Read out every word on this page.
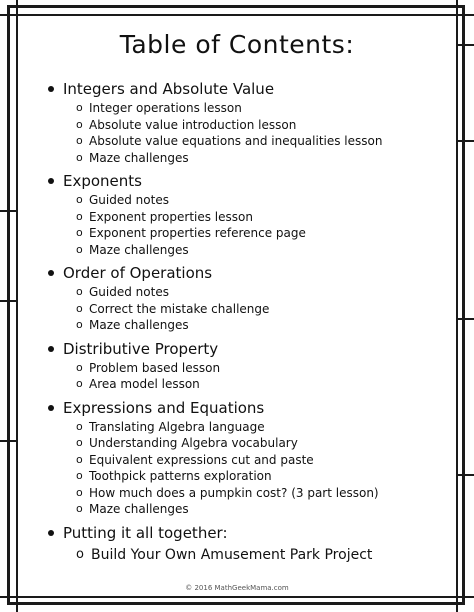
Table of Contents:
Integers and Absolute Value
o Integer operations lesson
o Absolute value introduction lesson
o Absolute value equations and inequalities lesson
o Maze challenges
Exponents
o Guided notes
o Exponent properties lesson
o Exponent properties reference page
o Maze challenges
Order of Operations
o Guided notes
o Correct the mistake challenge
o Maze challenges
Distributive Property
o Problem based lesson
o Area model lesson
Expressions and Equations
o Translating Algebra language
o Understanding Algebra vocabulary
o Equivalent expressions cut and paste
o Toothpick patterns exploration
o How much does a pumpkin cost? (3 part lesson)
o Maze challenges
Putting it all together:
o Build Your Own Amusement Park Project

© 2016 MathGeekMama.com
